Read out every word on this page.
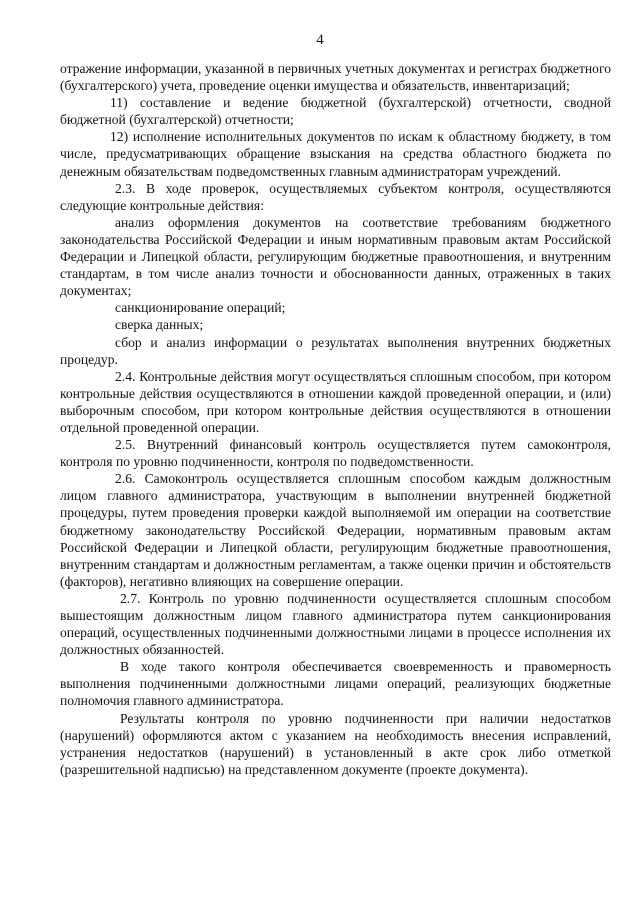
4

отражение информации, указанной в первичных учетных документах и регистрах бюджетного (бухгалтерского) учета, проведение оценки имущества и обязательств, инвентаризаций;

11) составление и ведение бюджетной (бухгалтерской) отчетности, сводной бюджетной (бухгалтерской) отчетности;

12) исполнение исполнительных документов по искам к областному бюджету, в том числе, предусматривающих обращение взыскания на средства областного бюджета по денежным обязательствам подведомственных главным администраторам учреждений.

2.3. В ходе проверок, осуществляемых субъектом контроля, осуществляются следующие контрольные действия:

анализ оформления документов на соответствие требованиям бюджетного законодательства Российской Федерации и иным нормативным правовым актам Российской Федерации и Липецкой области, регулирующим бюджетные правоотношения, и внутренним стандартам, в том числе анализ точности и обоснованности данных, отраженных в таких документах;

санкционирование операций;

сверка данных;

сбор и анализ информации о результатах выполнения внутренних бюджетных процедур.

2.4. Контрольные действия могут осуществляться сплошным способом, при котором контрольные действия осуществляются в отношении каждой проведенной операции, и (или) выборочным способом, при котором контрольные действия осуществляются в отношении отдельной проведенной операции.

2.5. Внутренний финансовый контроль осуществляется путем самоконтроля, контроля по уровню подчиненности, контроля по подведомственности.

2.6. Самоконтроль осуществляется сплошным способом каждым должностным лицом главного администратора, участвующим в выполнении внутренней бюджетной процедуры, путем проведения проверки каждой выполняемой им операции на соответствие бюджетному законодательству Российской Федерации, нормативным правовым актам Российской Федерации и Липецкой области, регулирующим бюджетные правоотношения, внутренним стандартам и должностным регламентам, а также оценки причин и обстоятельств (факторов), негативно влияющих на совершение операции.

2.7. Контроль по уровню подчиненности осуществляется сплошным способом вышестоящим должностным лицом главного администратора путем санкционирования операций, осуществленных подчиненными должностными лицами в процессе исполнения их должностных обязанностей.

В ходе такого контроля обеспечивается своевременность и правомерность выполнения подчиненными должностными лицами операций, реализующих бюджетные полномочия главного администратора.

Результаты контроля по уровню подчиненности при наличии недостатков (нарушений) оформляются актом с указанием на необходимость внесения исправлений, устранения недостатков (нарушений) в установленный в акте срок либо отметкой (разрешительной надписью) на представленном документе (проекте документа).
